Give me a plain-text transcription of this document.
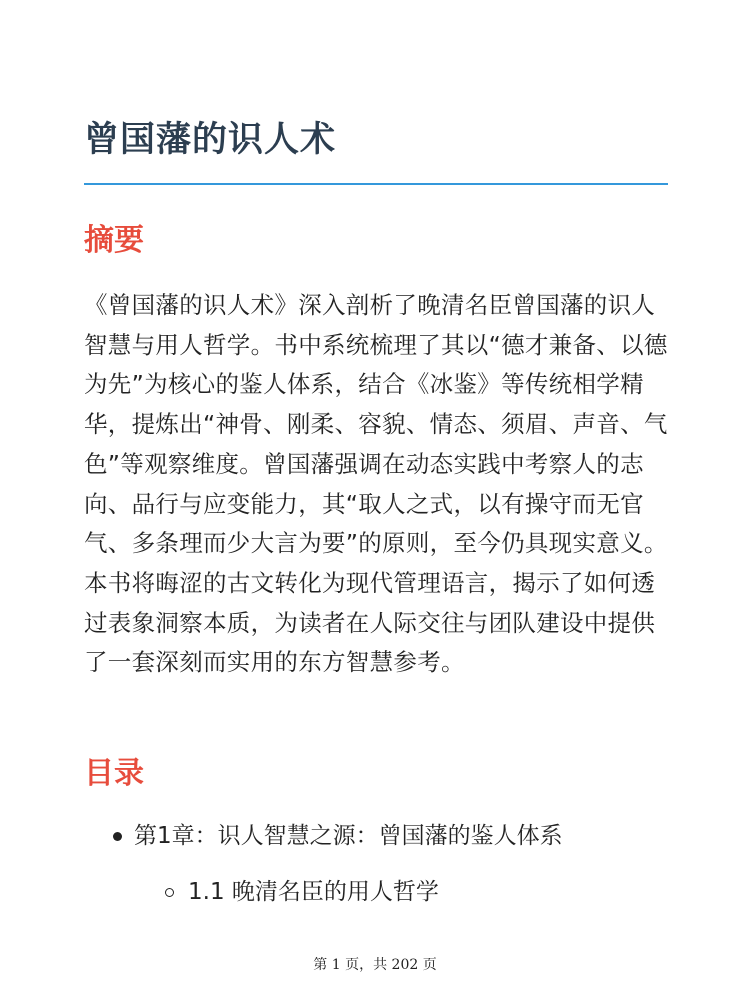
曾国藩的识人术
摘要

《曾国藩的识人术》深入剖析了晚清名臣曾国藩的识人智慧与用人哲学。书中系统梳理了其以“德才兼备、以德为先”为核心的鉴人体系，结合《冰鉴》等传统相学精华，提炼出“神骨、刚柔、容貌、情态、须眉、声音、气色”等观察维度。曾国藩强调在动态实践中考察人的志向、品行与应变能力，其“取人之式，以有操守而无官气、多条理而少大言为要”的原则，至今仍具现实意义。本书将晦涩的古文转化为现代管理语言，揭示了如何透过表象洞察本质，为读者在人际交往与团队建设中提供了一套深刻而实用的东方智慧参考。

目录

第1章：识人智慧之源：曾国藩的鉴人体系

1.1 晚清名臣的用人哲学

第 1 页，共 202 页
